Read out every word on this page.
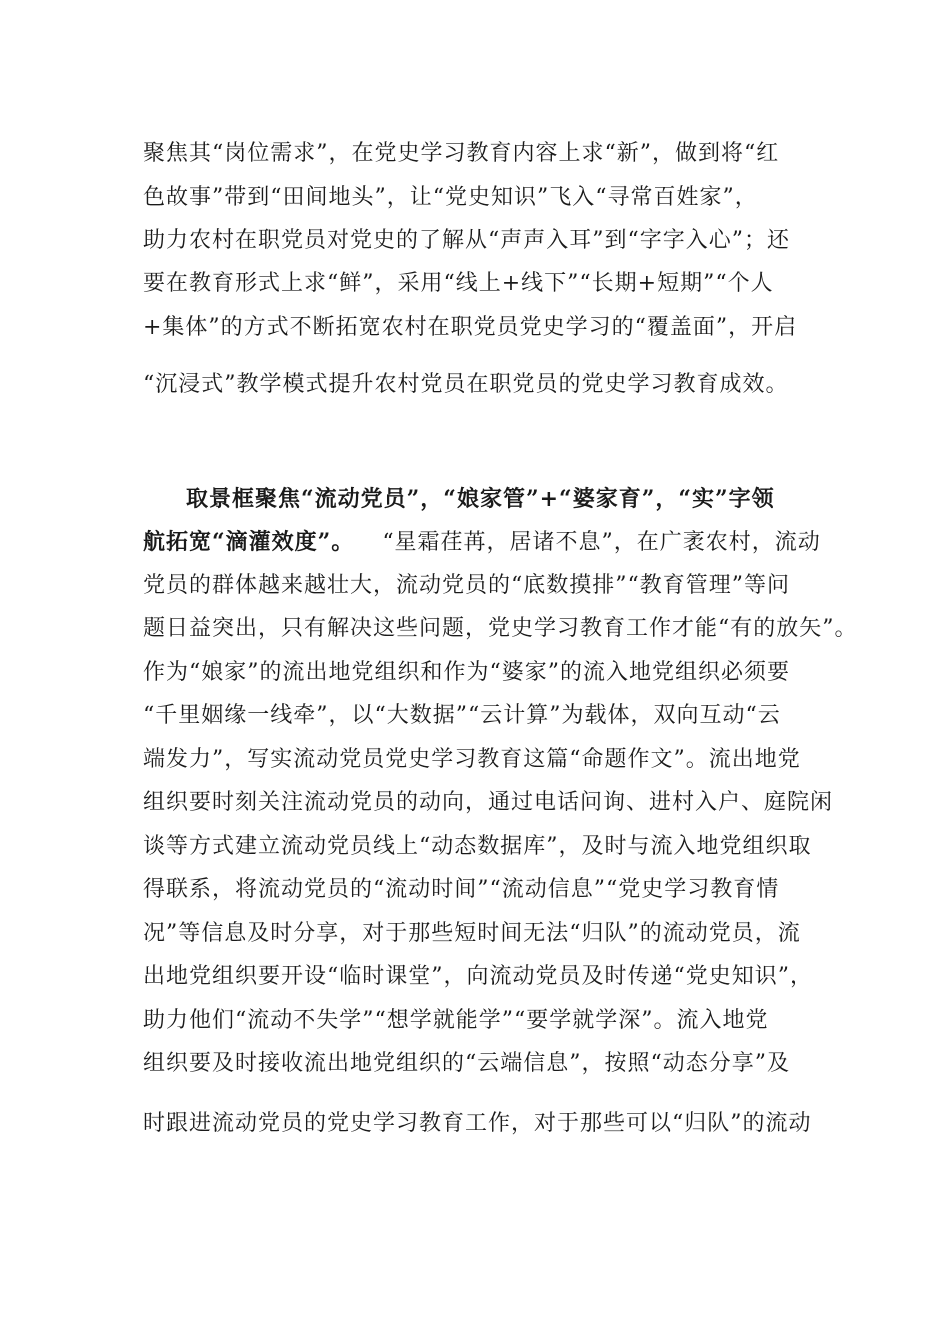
聚焦其“岗位需求”，在党史学习教育内容上求“新”，做到将“红
色故事”带到“田间地头”，让“党史知识”飞入“寻常百姓家”，
助力农村在职党员对党史的了解从“声声入耳”到“字字入心”；还
要在教育形式上求“鲜”，采用“线上+线下”“长期+短期”“个人
+集体”的方式不断拓宽农村在职党员党史学习的“覆盖面”，开启
“沉浸式”教学模式提升农村党员在职党员的党史学习教育成效。
取景框聚焦“流动党员”，“娘家管”+“婆家育”，“实”字领
航拓宽“滴灌效度”。 “星霜荏苒，居诸不息”，在广袤农村，流动
党员的群体越来越壮大，流动党员的“底数摸排”“教育管理”等问
题日益突出，只有解决这些问题，党史学习教育工作才能“有的放矢”。
作为“娘家”的流出地党组织和作为“婆家”的流入地党组织必须要
“千里姻缘一线牵”，以“大数据”“云计算”为载体，双向互动“云
端发力”，写实流动党员党史学习教育这篇“命题作文”。流出地党
组织要时刻关注流动党员的动向，通过电话问询、进村入户、庭院闲
谈等方式建立流动党员线上“动态数据库”，及时与流入地党组织取
得联系，将流动党员的“流动时间”“流动信息”“党史学习教育情
况”等信息及时分享，对于那些短时间无法“归队”的流动党员，流
出地党组织要开设“临时课堂”，向流动党员及时传递“党史知识”，
助力他们“流动不失学”“想学就能学”“要学就学深”。流入地党
组织要及时接收流出地党组织的“云端信息”，按照“动态分享”及
时跟进流动党员的党史学习教育工作，对于那些可以“归队”的流动
